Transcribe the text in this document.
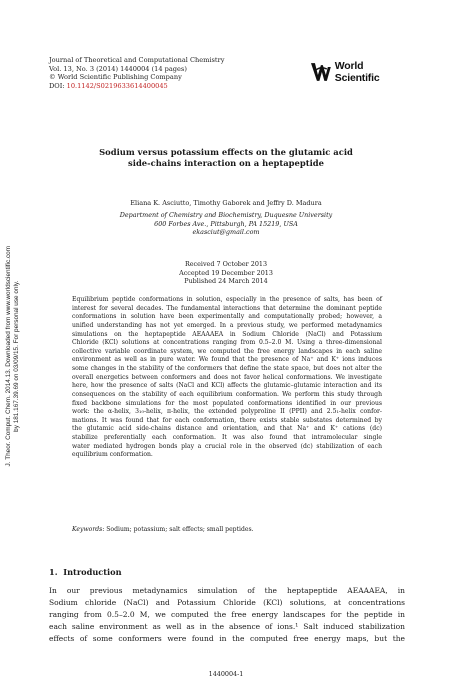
J. Theor. Comput. Chem. 2014.13. Downloaded from www.worldscientific.com by 181.167.39.69 on 03/09/15. For personal use only.
Journal of Theoretical and Computational Chemistry
Vol. 13, No. 3 (2014) 1440004 (14 pages)
© World Scientific Publishing Company
DOI: 10.1142/S0219633614400045
World Scientific
Sodium versus potassium effects on the glutamic acid
side-chains interaction on a heptapeptide
Eliana K. Asciutto, Timothy Gaborek and Jeffry D. Madura
Department of Chemistry and Biochemistry, Duquesne University
600 Forbes Ave., Pittsburgh, PA 15219, USA
ekasciut@gmail.com
Received 7 October 2013
Accepted 19 December 2013
Published 24 March 2014
Equilibrium peptide conformations in solution, especially in the presence of salts, has been of
interest for several decades. The fundamental interactions that determine the dominant peptide
conformations in solution have been experimentally and computationally probed; however, a
unified understanding has not yet emerged. In a previous study, we performed metadynamics
simulations on the heptapeptide AEAAAEA in Sodium Chloride (NaCl) and Potassium
Chloride (KCl) solutions at concentrations ranging from 0.5–2.0 M. Using a three-dimensional
collective variable coordinate system, we computed the free energy landscapes in each saline
environment as well as in pure water. We found that the presence of Na⁺ and K⁺ ions induces
some changes in the stability of the conformers that define the state space, but does not alter the
overall energetics between conformers and does not favor helical conformations. We investigate
here, how the presence of salts (NaCl and KCl) affects the glutamic–glutamic interaction and its
consequences on the stability of each equilibrium conformation. We perform this study through
fixed backbone simulations for the most populated conformations identified in our previous
work: the α-helix, 3₁₀-helix, π-helix, the extended polyproline II (PPII) and 2.5₁-helix confor-
mations. It was found that for each conformation, there exists stable substates determined by
the glutamic acid side-chains distance and orientation, and that Na⁺ and K⁺ cations (dc)
stabilize preferentially each conformation. It was also found that intramolecular single
water mediated hydrogen bonds play a crucial role in the observed (dc) stabilization of each
equilibrium conformation.
Keywords: Sodium; potassium; salt effects; small peptides.
1. Introduction
In our previous metadynamics simulation of the heptapeptide AEAAAEA, in
Sodium chloride (NaCl) and Potassium Chloride (KCl) solutions, at concentrations
ranging from 0.5–2.0 M, we computed the free energy landscapes for the peptide in
each saline environment as well as in the absence of ions.¹ Salt induced stabilization
effects of some conformers were found in the computed free energy maps, but the
1440004-1
